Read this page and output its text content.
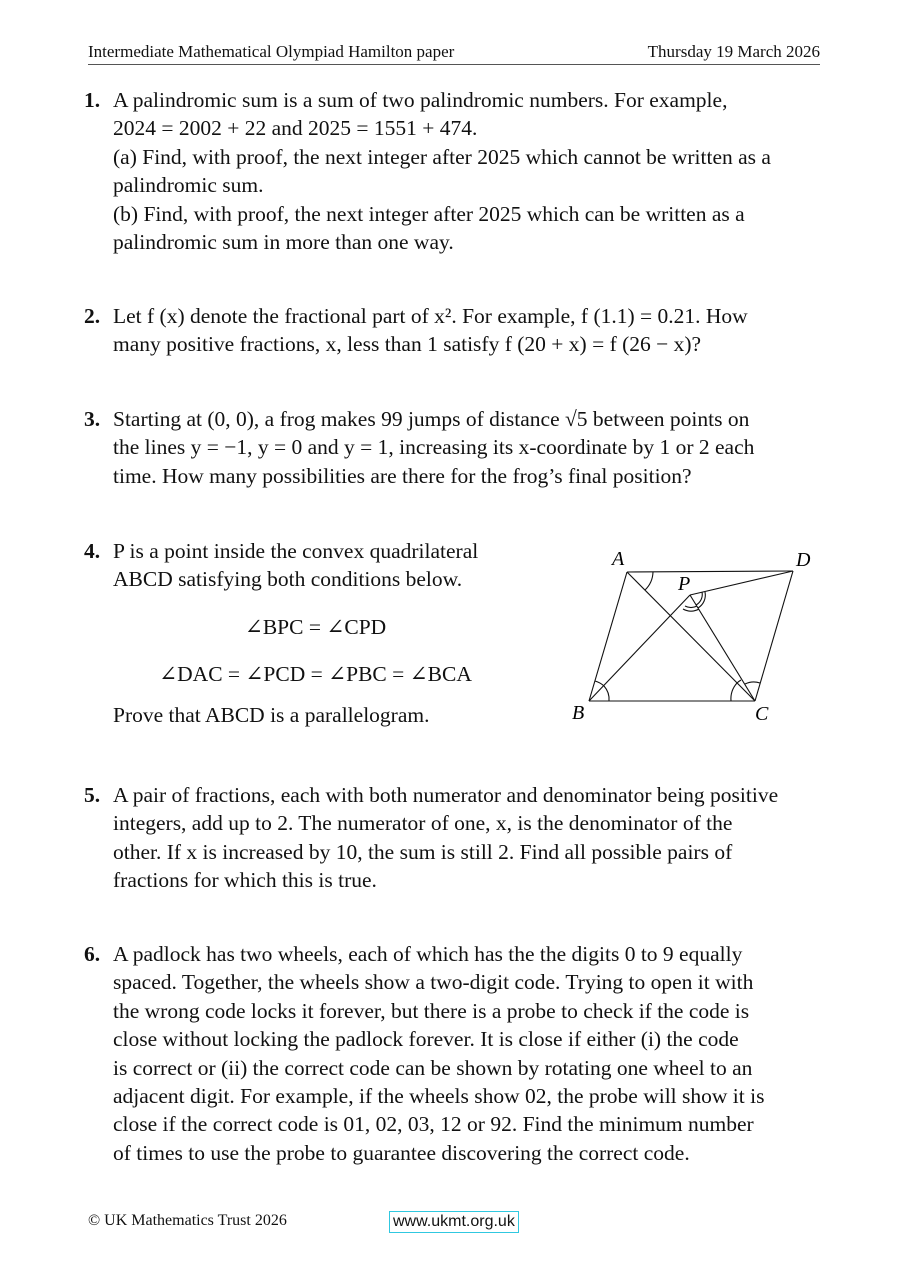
Intermediate Mathematical Olympiad Hamilton paper	Thursday 19 March 2026
1. A palindromic sum is a sum of two palindromic numbers. For example,
2024 = 2002 + 22 and 2025 = 1551 + 474.
(a) Find, with proof, the next integer after 2025 which cannot be written as a
palindromic sum.
(b) Find, with proof, the next integer after 2025 which can be written as a
palindromic sum in more than one way.
2. Let f (x) denote the fractional part of x². For example, f (1.1) = 0.21. How
many positive fractions, x, less than 1 satisfy f (20 + x) = f (26 − x)?
3. Starting at (0, 0), a frog makes 99 jumps of distance √5 between points on
the lines y = −1, y = 0 and y = 1, increasing its x-coordinate by 1 or 2 each
time. How many possibilities are there for the frog’s final position?
4. P is a point inside the convex quadrilateral
ABCD satisfying both conditions below.
∠BPC = ∠CPD
∠DAC = ∠PCD = ∠PBC = ∠BCA
Prove that ABCD is a parallelogram.
A	D
P
B	C
5. A pair of fractions, each with both numerator and denominator being positive
integers, add up to 2. The numerator of one, x, is the denominator of the
other. If x is increased by 10, the sum is still 2. Find all possible pairs of
fractions for which this is true.
6. A padlock has two wheels, each of which has the the digits 0 to 9 equally
spaced. Together, the wheels show a two-digit code. Trying to open it with
the wrong code locks it forever, but there is a probe to check if the code is
close without locking the padlock forever. It is close if either (i) the code
is correct or (ii) the correct code can be shown by rotating one wheel to an
adjacent digit. For example, if the wheels show 02, the probe will show it is
close if the correct code is 01, 02, 03, 12 or 92. Find the minimum number
of times to use the probe to guarantee discovering the correct code.
© UK Mathematics Trust 2026	www.ukmt.org.uk
